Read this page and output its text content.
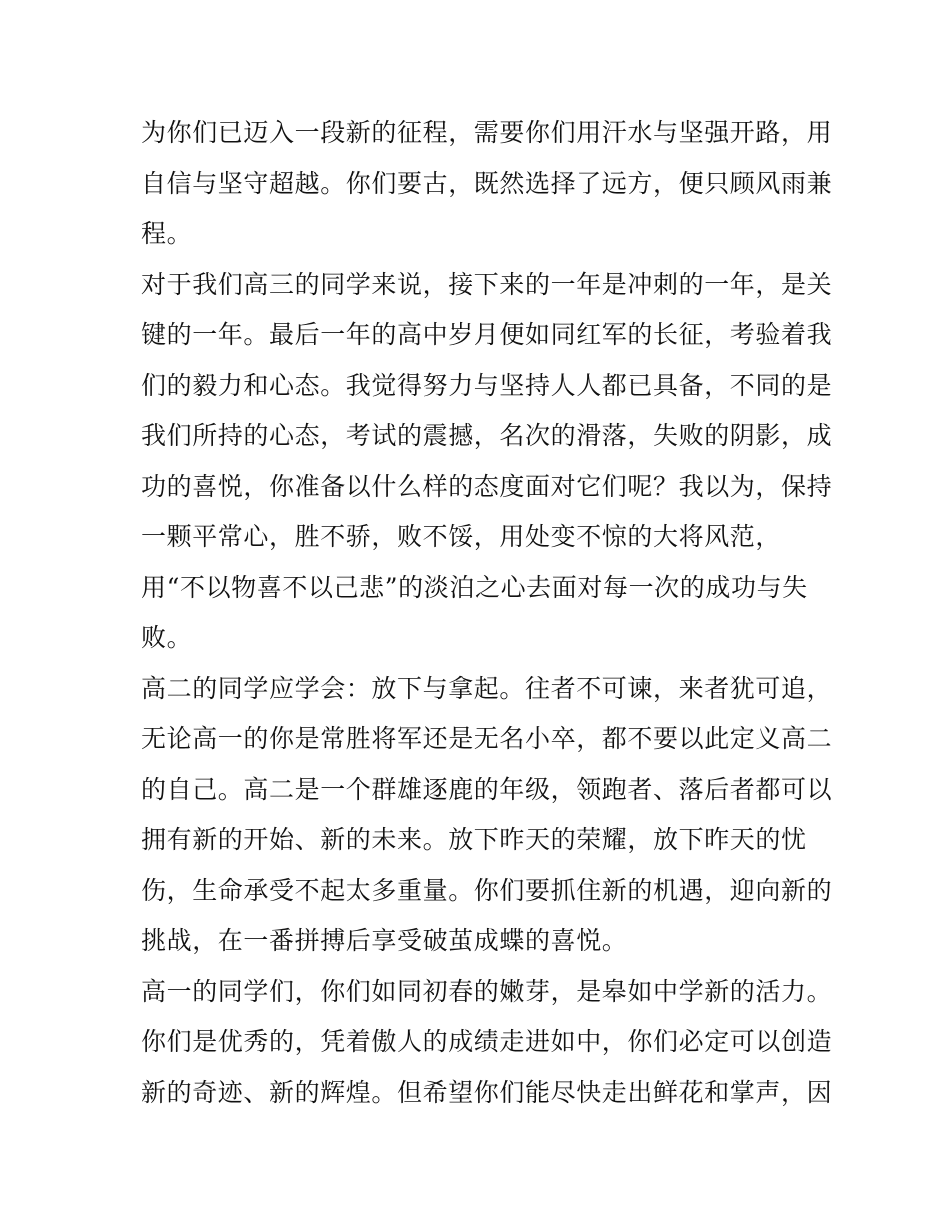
为你们已迈入一段新的征程，需要你们用汗水与坚强开路，用
自信与坚守超越。你们要古，既然选择了远方，便只顾风雨兼
程。
对于我们高三的同学来说，接下来的一年是冲刺的一年，是关
键的一年。最后一年的高中岁月便如同红军的长征，考验着我
们的毅力和心态。我觉得努力与坚持人人都已具备，不同的是
我们所持的心态，考试的震撼，名次的滑落，失败的阴影，成
功的喜悦，你准备以什么样的态度面对它们呢？我以为，保持
一颗平常心，胜不骄，败不馁，用处变不惊的大将风范，
用“不以物喜不以己悲”的淡泊之心去面对每一次的成功与失
败。
高二的同学应学会：放下与拿起。往者不可谏，来者犹可追，
无论高一的你是常胜将军还是无名小卒，都不要以此定义高二
的自己。高二是一个群雄逐鹿的年级，领跑者、落后者都可以
拥有新的开始、新的未来。放下昨天的荣耀，放下昨天的忧
伤，生命承受不起太多重量。你们要抓住新的机遇，迎向新的
挑战，在一番拼搏后享受破茧成蝶的喜悦。
高一的同学们，你们如同初春的嫩芽，是皋如中学新的活力。
你们是优秀的，凭着傲人的成绩走进如中，你们必定可以创造
新的奇迹、新的辉煌。但希望你们能尽快走出鲜花和掌声，因
